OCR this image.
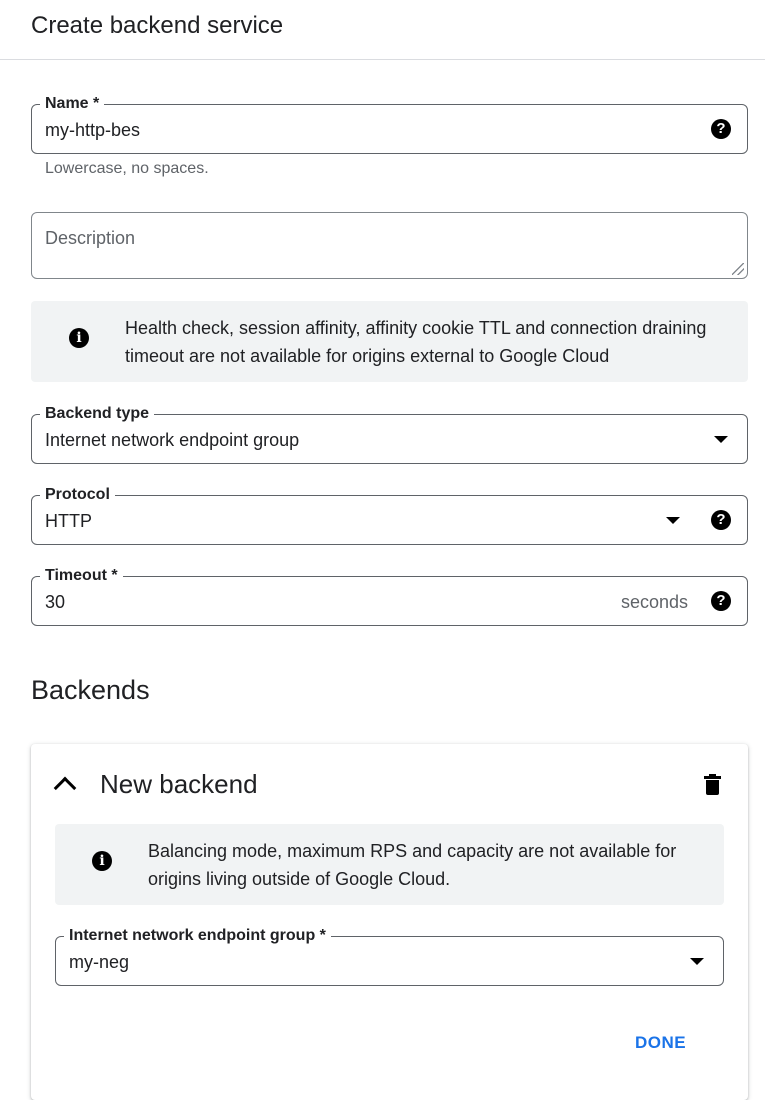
Create backend service
Name *
my-http-bes	?
Lowercase, no spaces.
Description
i	Health check, session affinity, affinity cookie TTL and connection draining
timeout are not available for origins external to Google Cloud
Backend type
Internet network endpoint group
Protocol
HTTP	?
Timeout *
30	seconds	?
Backends
New backend
i	Balancing mode, maximum RPS and capacity are not available for
origins living outside of Google Cloud.
Internet network endpoint group *
my-neg
DONE
